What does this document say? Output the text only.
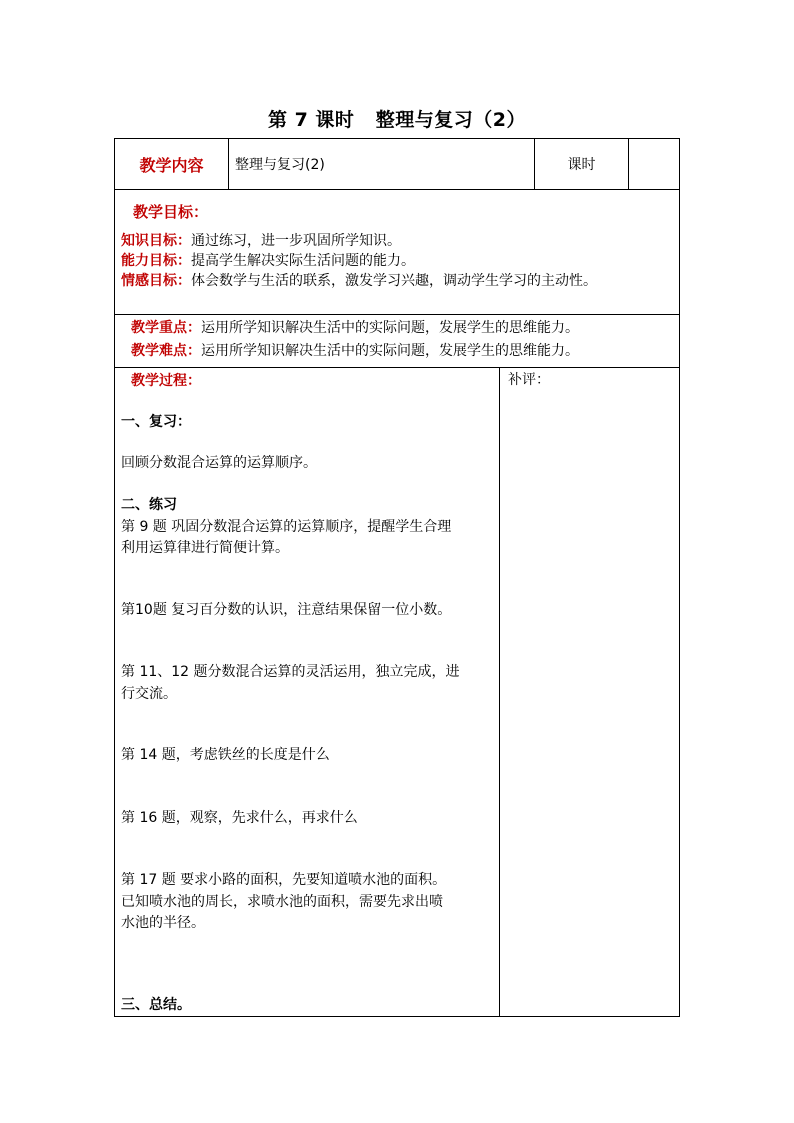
第 7 课时   整理与复习（2）
教学内容 整理与复习(2)	课时
教学目标：
知识目标：通过练习，进一步巩固所学知识。
能力目标：提高学生解决实际生活问题的能力。
情感目标：体会数学与生活的联系，激发学习兴趣，调动学生学习的主动性。
教学重点：运用所学知识解决生活中的实际问题，发展学生的思维能力。
教学难点：运用所学知识解决生活中的实际问题，发展学生的思维能力。
教学过程：
一、复习：
回顾分数混合运算的运算顺序。
二、练习
第 9 题 巩固分数混合运算的运算顺序，提醒学生合理
利用运算律进行简便计算。
第10题 复习百分数的认识，注意结果保留一位小数。
第 11、12 题分数混合运算的灵活运用，独立完成，进
行交流。
第 14 题，考虑铁丝的长度是什么
第 16 题，观察，先求什么，再求什么
第 17 题 要求小路的面积，先要知道喷水池的面积。
已知喷水池的周长，求喷水池的面积，需要先求出喷
水池的半径。
三、总结。
补评：
